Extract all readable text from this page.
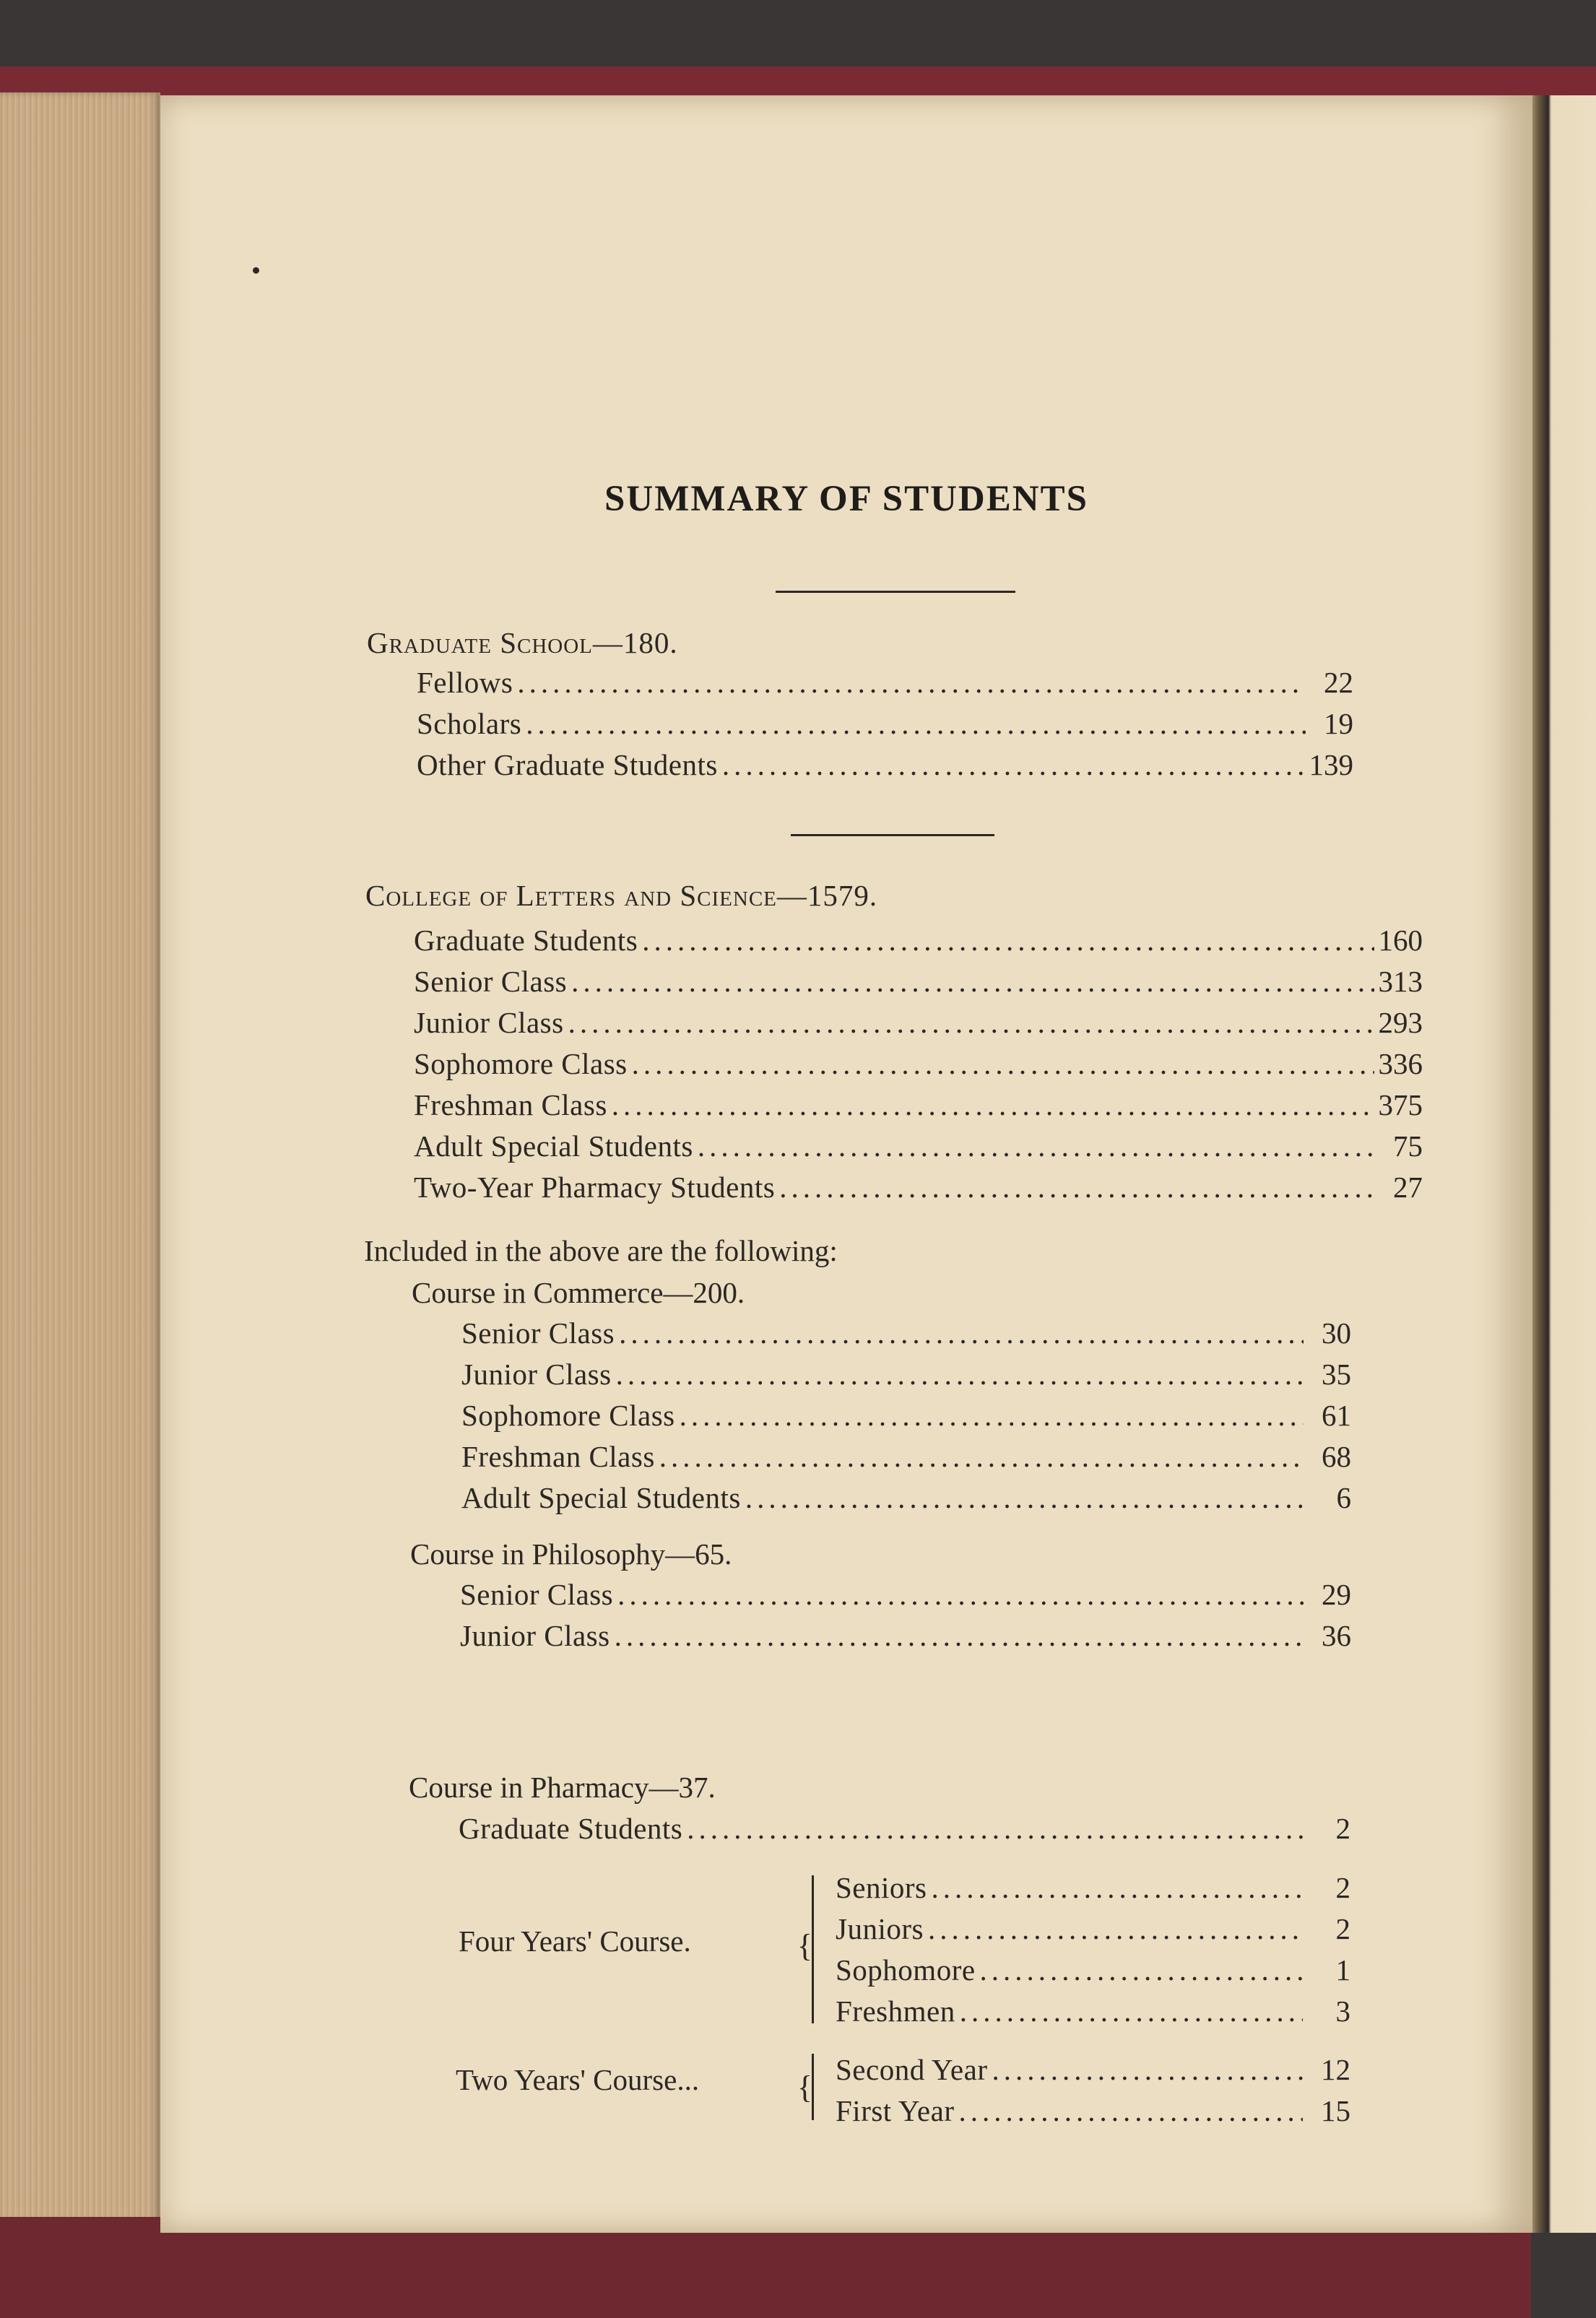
SUMMARY OF STUDENTS
Graduate School—180.
Fellows .....	22
Scholars .....	19
Other Graduate Students .....	139
College of Letters and Science—1579.
Graduate Students .....	160
Senior Class .....	313
Junior Class .....	293
Sophomore Class .....	336
Freshman Class .....	375
Adult Special Students .....	75
Two-Year Pharmacy Students .....	27
Included in the above are the following:
Course in Commerce—200.
Senior Class .....	30
Junior Class .....	35
Sophomore Class .....	61
Freshman Class .....	68
Adult Special Students .....	6
Course in Philosophy—65.
Senior Class .....	29
Junior Class .....	36
Course in Pharmacy—37.
Graduate Students .....	2
Four Years' Course.	{
Seniors .....	2
Juniors .....	2
Sophomore .....	1
Freshmen .....	3
Two Years' Course...	{ Second Year .....	12
First Year .....	15
